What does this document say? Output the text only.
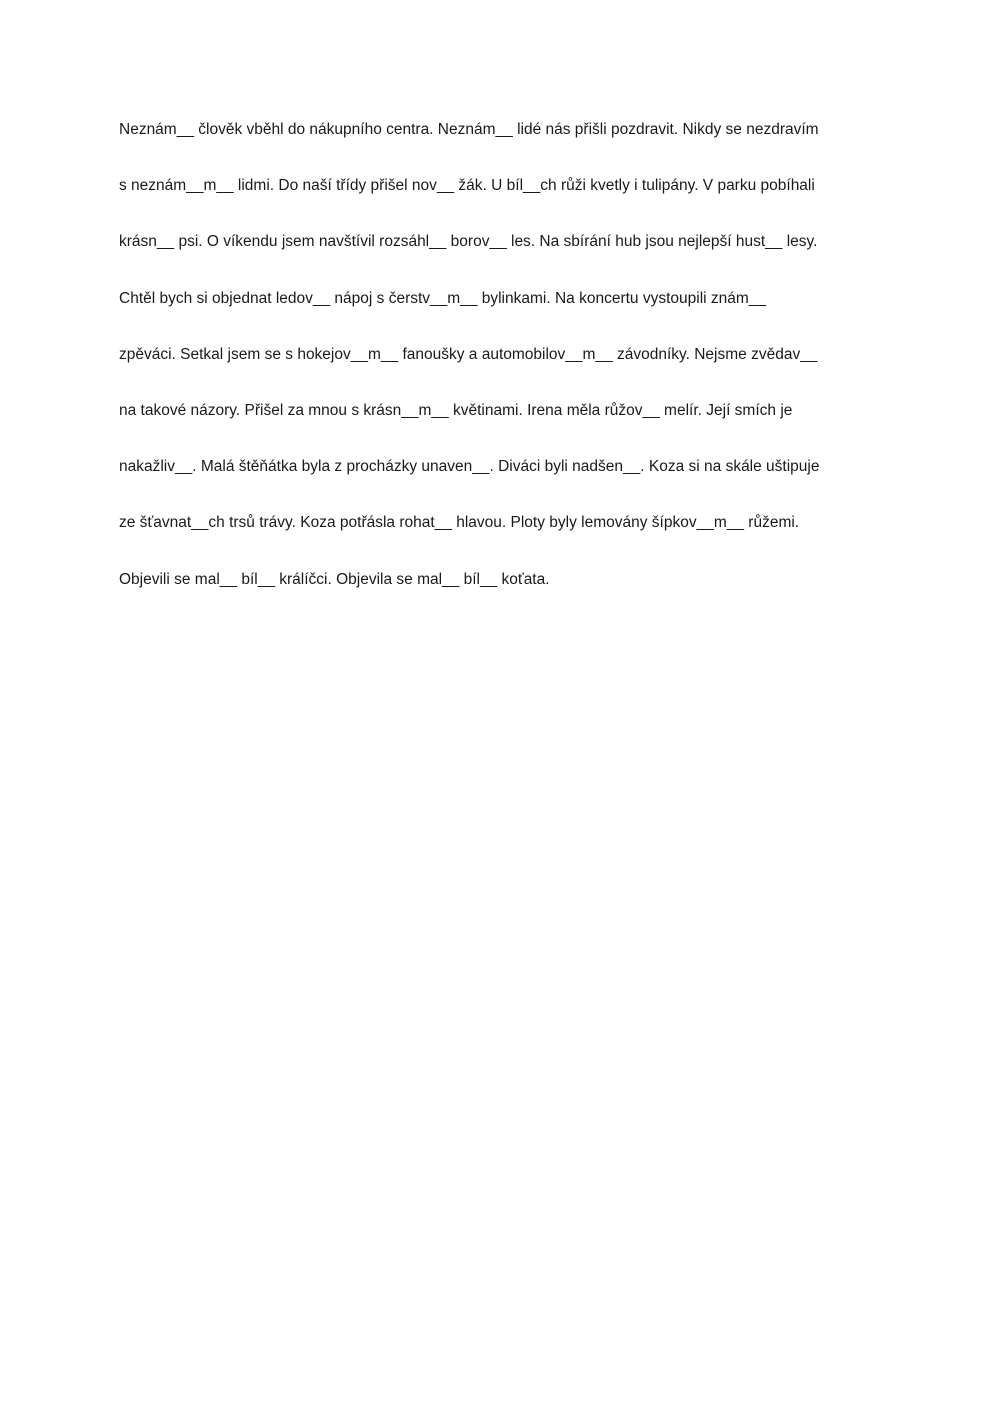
Neznám__ člověk vběhl do nákupního centra. Neznám__ lidé nás přišli pozdravit. Nikdy se nezdravím
s neznám__m__ lidmi. Do naší třídy přišel nov__ žák. U bíl__ch růži kvetly i tulipány. V parku pobíhali
krásn__ psi. O víkendu jsem navštívil rozsáhl__ borov__ les. Na sbírání hub jsou nejlepší hust__ lesy.
Chtěl bych si objednat ledov__ nápoj s čerstv__m__ bylinkami. Na koncertu vystoupili znám__
zpěváci. Setkal jsem se s hokejov__m__ fanoušky a automobilov__m__ závodníky. Nejsme zvědav__
na takové názory. Přišel za mnou s krásn__m__ květinami. Irena měla růžov__ melír. Její smích je
nakažliv__. Malá štěňátka byla z procházky unaven__. Diváci byli nadšen__. Koza si na skále uštipuje
ze šťavnat__ch trsů trávy. Koza potřásla rohat__ hlavou. Ploty byly lemovány šípkov__m__ růžemi.
Objevili se mal__ bíl__ králíčci. Objevila se mal__ bíl__ koťata.
